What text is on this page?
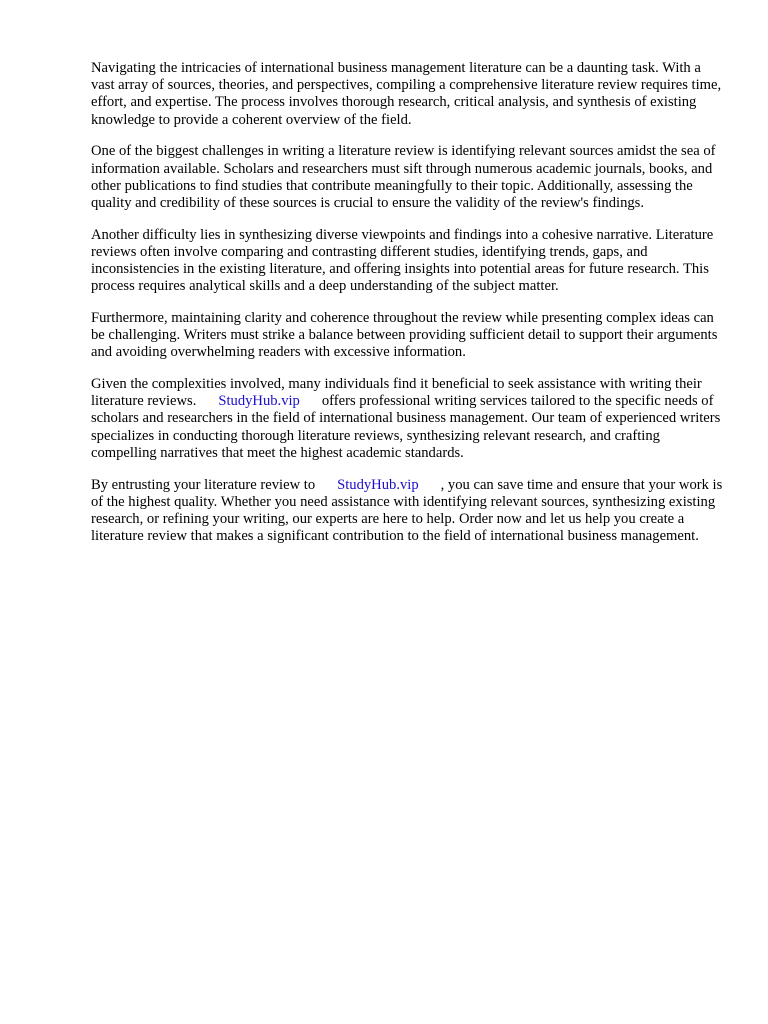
Navigating the intricacies of international business management literature can be a daunting task. With a vast array of sources, theories, and perspectives, compiling a comprehensive literature review requires time, effort, and expertise. The process involves thorough research, critical analysis, and synthesis of existing knowledge to provide a coherent overview of the field.

One of the biggest challenges in writing a literature review is identifying relevant sources amidst the sea of information available. Scholars and researchers must sift through numerous academic journals, books, and other publications to find studies that contribute meaningfully to their topic. Additionally, assessing the quality and credibility of these sources is crucial to ensure the validity of the review's findings.

Another difficulty lies in synthesizing diverse viewpoints and findings into a cohesive narrative. Literature reviews often involve comparing and contrasting different studies, identifying trends, gaps, and inconsistencies in the existing literature, and offering insights into potential areas for future research. This process requires analytical skills and a deep understanding of the subject matter.

Furthermore, maintaining clarity and coherence throughout the review while presenting complex ideas can be challenging. Writers must strike a balance between providing sufficient detail to support their arguments and avoiding overwhelming readers with excessive information.

Given the complexities involved, many individuals find it beneficial to seek assistance with writing their literature reviews. StudyHub.vip offers professional writing services tailored to the specific needs of scholars and researchers in the field of international business management. Our team of experienced writers specializes in conducting thorough literature reviews, synthesizing relevant research, and crafting compelling narratives that meet the highest academic standards.

By entrusting your literature review to StudyHub.vip , you can save time and ensure that your work is of the highest quality. Whether you need assistance with identifying relevant sources, synthesizing existing research, or refining your writing, our experts are here to help. Order now and let us help you create a literature review that makes a significant contribution to the field of international business management.
